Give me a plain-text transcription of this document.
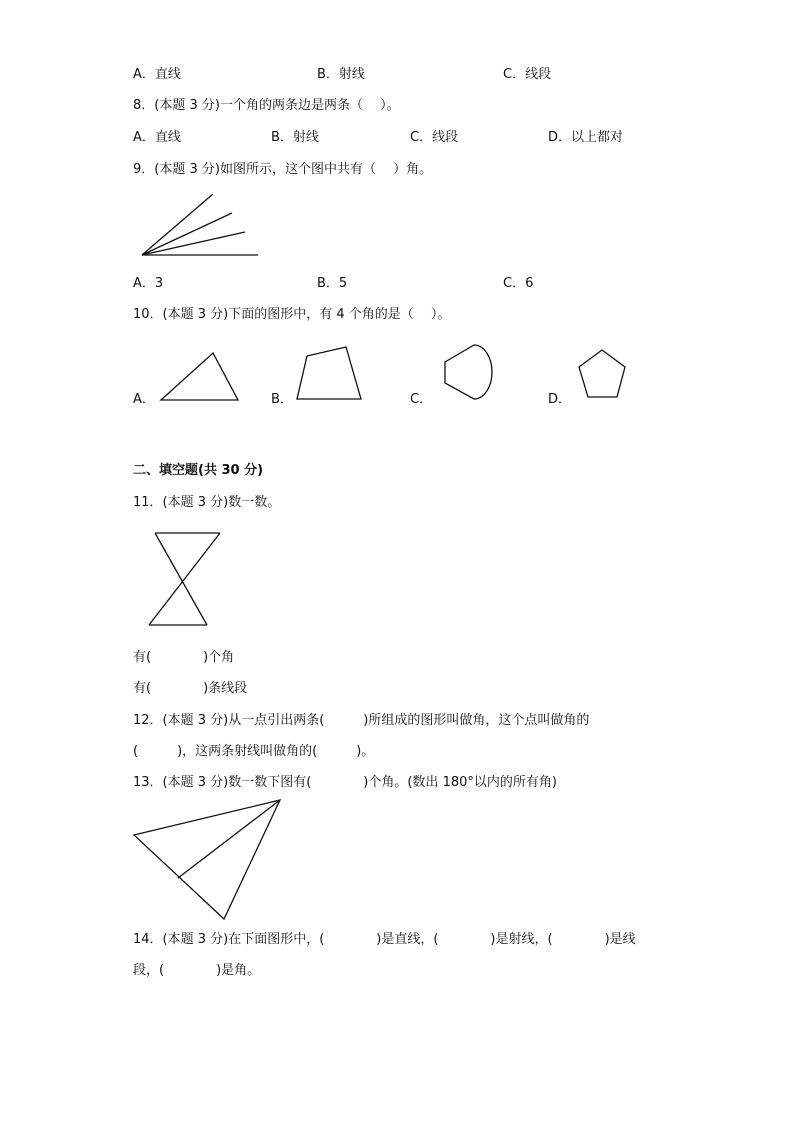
A．直线	B．射线	C．线段
8．(本题 3 分)一个角的两条边是两条（　 ）。
A．直线	B．射线	C．线段	D．以上都对
9．(本题 3 分)如图所示，这个图中共有（　 ）角。
A．3	B．5	C．6
10．(本题 3 分)下面的图形中，有 4 个角的是（　 ）。
A．	B．	C．	D．
二、填空题(共 30 分)
11．(本题 3 分)数一数。
有(　　　　)个角
有(　　　　)条线段
12．(本题 3 分)从一点引出两条(　　　)所组成的图形叫做角，这个点叫做角的
(　　　)，这两条射线叫做角的(　　　)。
13．(本题 3 分)数一数下图有(　　　　)个角。(数出 180°以内的所有角)
14．(本题 3 分)在下面图形中，(　　　　)是直线，(　　　　)是射线，(　　　　)是线
段，(　　　　)是角。
